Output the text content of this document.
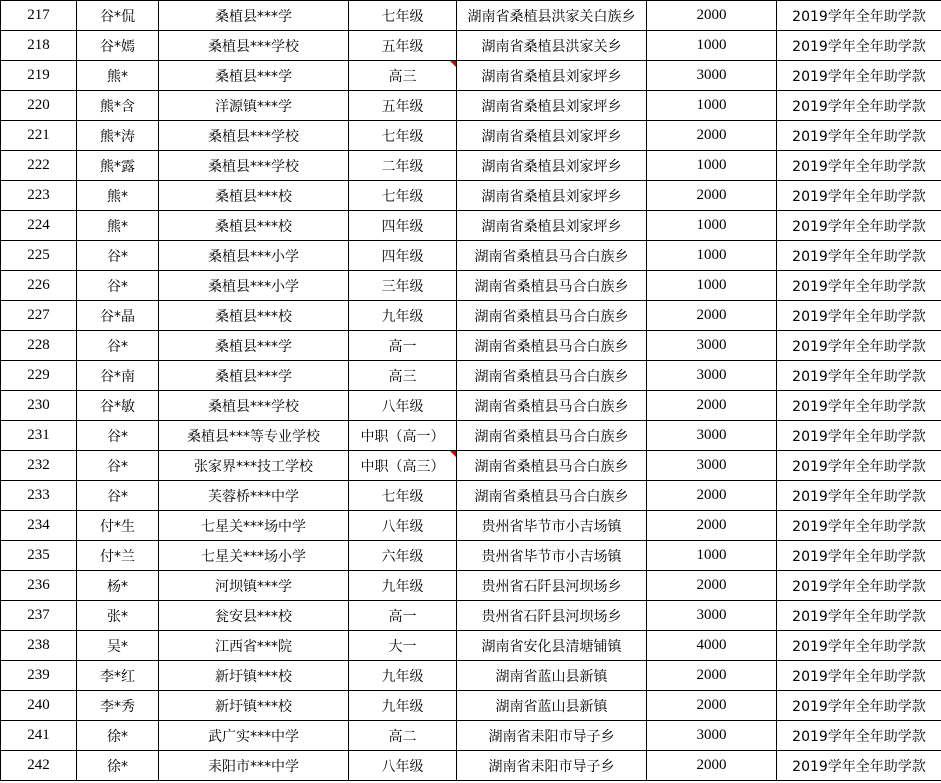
217	谷*侃	桑植县***学	七年级	湖南省桑植县洪家关白族乡	2000	2019学年全年助学款
218	谷*嫣	桑植县***学校	五年级	湖南省桑植县洪家关乡	1000	2019学年全年助学款
219	熊*	桑植县***学	高三	湖南省桑植县刘家坪乡	3000	2019学年全年助学款
220	熊*含	洋源镇***学	五年级	湖南省桑植县刘家坪乡	1000	2019学年全年助学款
221	熊*涛	桑植县***学校	七年级	湖南省桑植县刘家坪乡	2000	2019学年全年助学款
222	熊*露	桑植县***学校	二年级	湖南省桑植县刘家坪乡	1000	2019学年全年助学款
223	熊*	桑植县***校	七年级	湖南省桑植县刘家坪乡	2000	2019学年全年助学款
224	熊*	桑植县***校	四年级	湖南省桑植县刘家坪乡	1000	2019学年全年助学款
225	谷*	桑植县***小学	四年级	湖南省桑植县马合白族乡	1000	2019学年全年助学款
226	谷*	桑植县***小学	三年级	湖南省桑植县马合白族乡	1000	2019学年全年助学款
227	谷*晶	桑植县***校	九年级	湖南省桑植县马合白族乡	2000	2019学年全年助学款
228	谷*	桑植县***学	高一	湖南省桑植县马合白族乡	3000	2019学年全年助学款
229	谷*南	桑植县***学	高三	湖南省桑植县马合白族乡	3000	2019学年全年助学款
230	谷*敏	桑植县***学校	八年级	湖南省桑植县马合白族乡	2000	2019学年全年助学款
231	谷*	桑植县***等专业学校	中职（高一）	湖南省桑植县马合白族乡	3000	2019学年全年助学款
232	谷*	张家界***技工学校	中职（高三）	湖南省桑植县马合白族乡	3000	2019学年全年助学款
233	谷*	芙蓉桥***中学	七年级	湖南省桑植县马合白族乡	2000	2019学年全年助学款
234	付*生	七星关***场中学	八年级	贵州省毕节市小吉场镇	2000	2019学年全年助学款
235	付*兰	七星关***场小学	六年级	贵州省毕节市小吉场镇	1000	2019学年全年助学款
236	杨*	河坝镇***学	九年级	贵州省石阡县河坝场乡	2000	2019学年全年助学款
237	张*	瓮安县***校	高一	贵州省石阡县河坝场乡	3000	2019学年全年助学款
238	吴*	江西省***院	大一	湖南省安化县清塘铺镇	4000	2019学年全年助学款
239	李*红	新圩镇***校	九年级	湖南省蓝山县新镇	2000	2019学年全年助学款
240	李*秀	新圩镇***校	九年级	湖南省蓝山县新镇	2000	2019学年全年助学款
241	徐*	武广实***中学	高二	湖南省耒阳市导子乡	3000	2019学年全年助学款
242	徐*	耒阳市***中学	八年级	湖南省耒阳市导子乡	2000	2019学年全年助学款
